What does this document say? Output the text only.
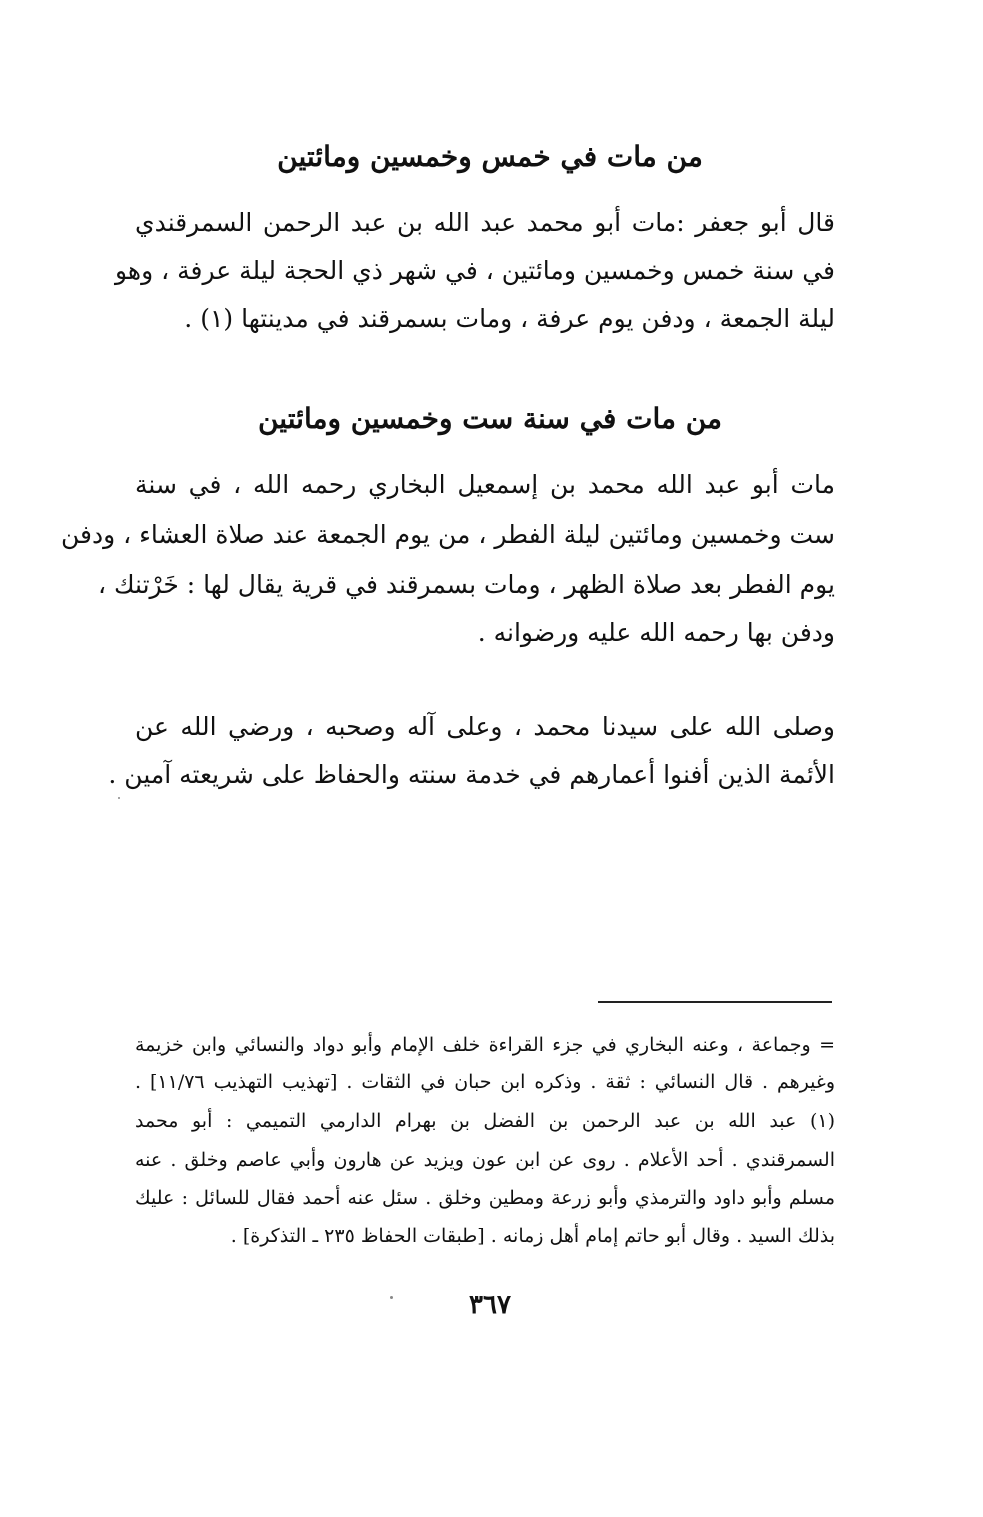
من مات في خمس وخمسين ومائتين
قال أبو جعفر :مات أبو محمد عبد الله بن عبد الرحمن السمرقندي
في سنة خمس وخمسين ومائتين ، في شهر ذي الحجة ليلة عرفة ، وهو
ليلة الجمعة ، ودفن يوم عرفة ، ومات بسمرقند في مدينتها (١) .
من مات في سنة ست وخمسين ومائتين
مات أبو عبد الله محمد بن إسمعيل البخاري رحمه الله ، في سنة
ست وخمسين ومائتين ليلة الفطر ، من يوم الجمعة عند صلاة العشاء ، ودفن
يوم الفطر بعد صلاة الظهر ، ومات بسمرقند في قرية يقال لها : خَرْتنك ،
ودفن بها رحمه الله عليه ورضوانه .
وصلى الله على سيدنا محمد ، وعلى آله وصحبه ، ورضي الله عن
الأئمة الذين أفنوا أعمارهم في خدمة سنته والحفاظ على شريعته آمين .
= وجماعة ، وعنه البخاري في جزء القراءة خلف الإمام وأبو دواد والنسائي وابن خزيمة
وغيرهم . قال النسائي : ثقة . وذكره ابن حبان في الثقات . [تهذيب التهذيب ١١/٧٦] .
(١) عبد الله بن عبد الرحمن بن الفضل بن بهرام الدارمي التميمي : أبو محمد
السمرقندي . أحد الأعلام . روى عن ابن عون ويزيد عن هارون وأبي عاصم وخلق . عنه
مسلم وأبو داود والترمذي وأبو زرعة ومطين وخلق . سئل عنه أحمد فقال للسائل : عليك
بذلك السيد . وقال أبو حاتم إمام أهل زمانه . [طبقات الحفاظ ٢٣٥ ـ التذكرة] .
٣٦٧
